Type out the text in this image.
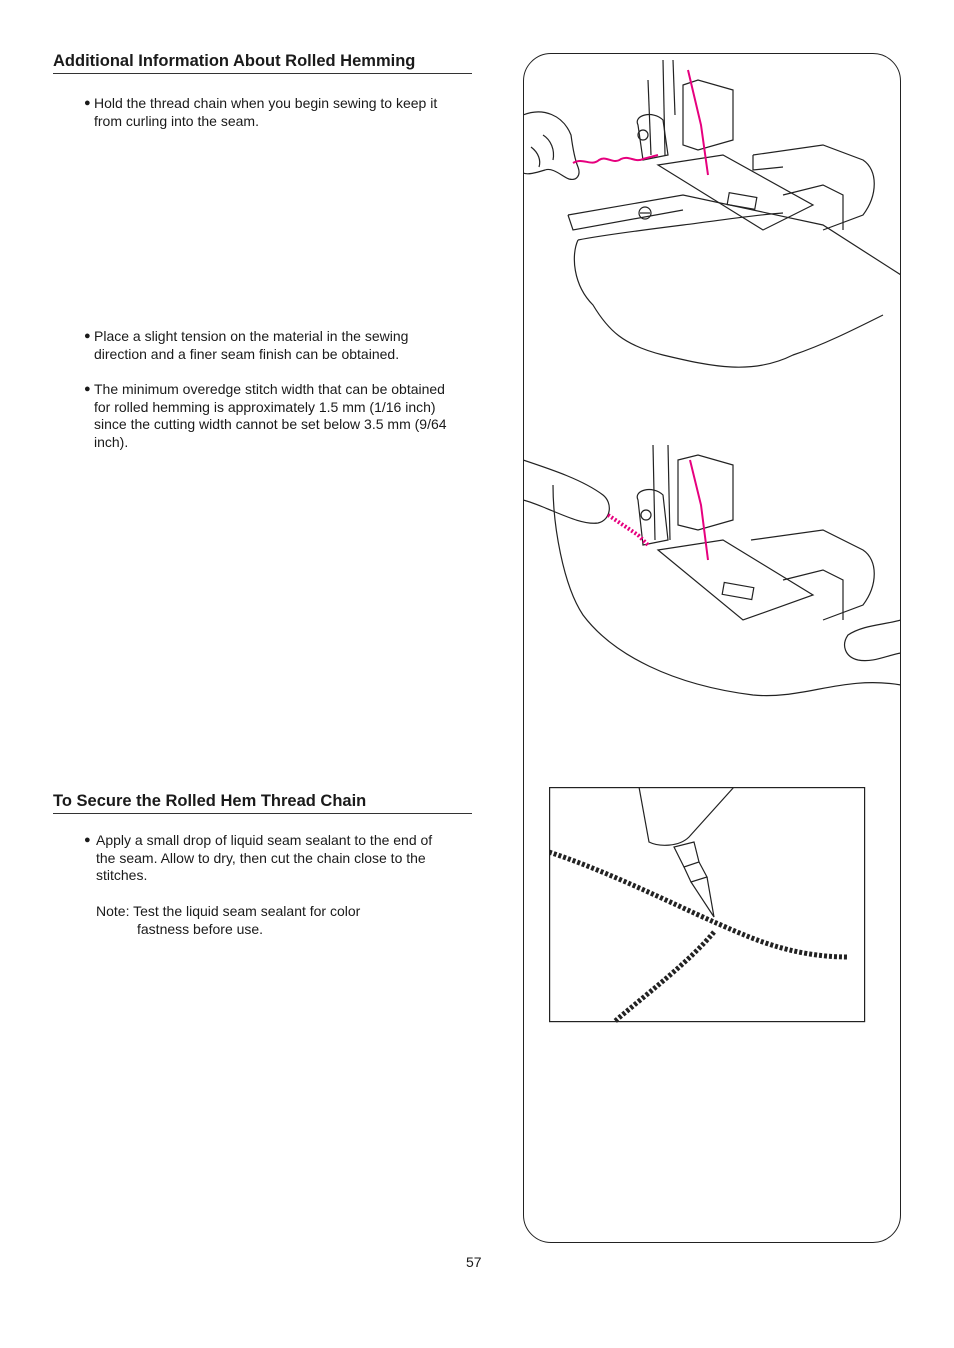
Additional Information About Rolled Hemming
● Hold the thread chain when you begin sewing to keep it from curling into the seam.
● Place a slight tension on the material in the sewing direction and a finer seam finish can be obtained.
● The minimum overedge stitch width that can be obtained for rolled hemming is approximately 1.5 mm (1/16 inch) since the cutting width cannot be set below 3.5 mm (9/64 inch).
To Secure the Rolled Hem Thread Chain
● Apply a small drop of liquid seam sealant to the end of the seam. Allow to dry, then cut the chain close to the stitches.
Note: Test the liquid seam sealant for color
fastness before use.
57
